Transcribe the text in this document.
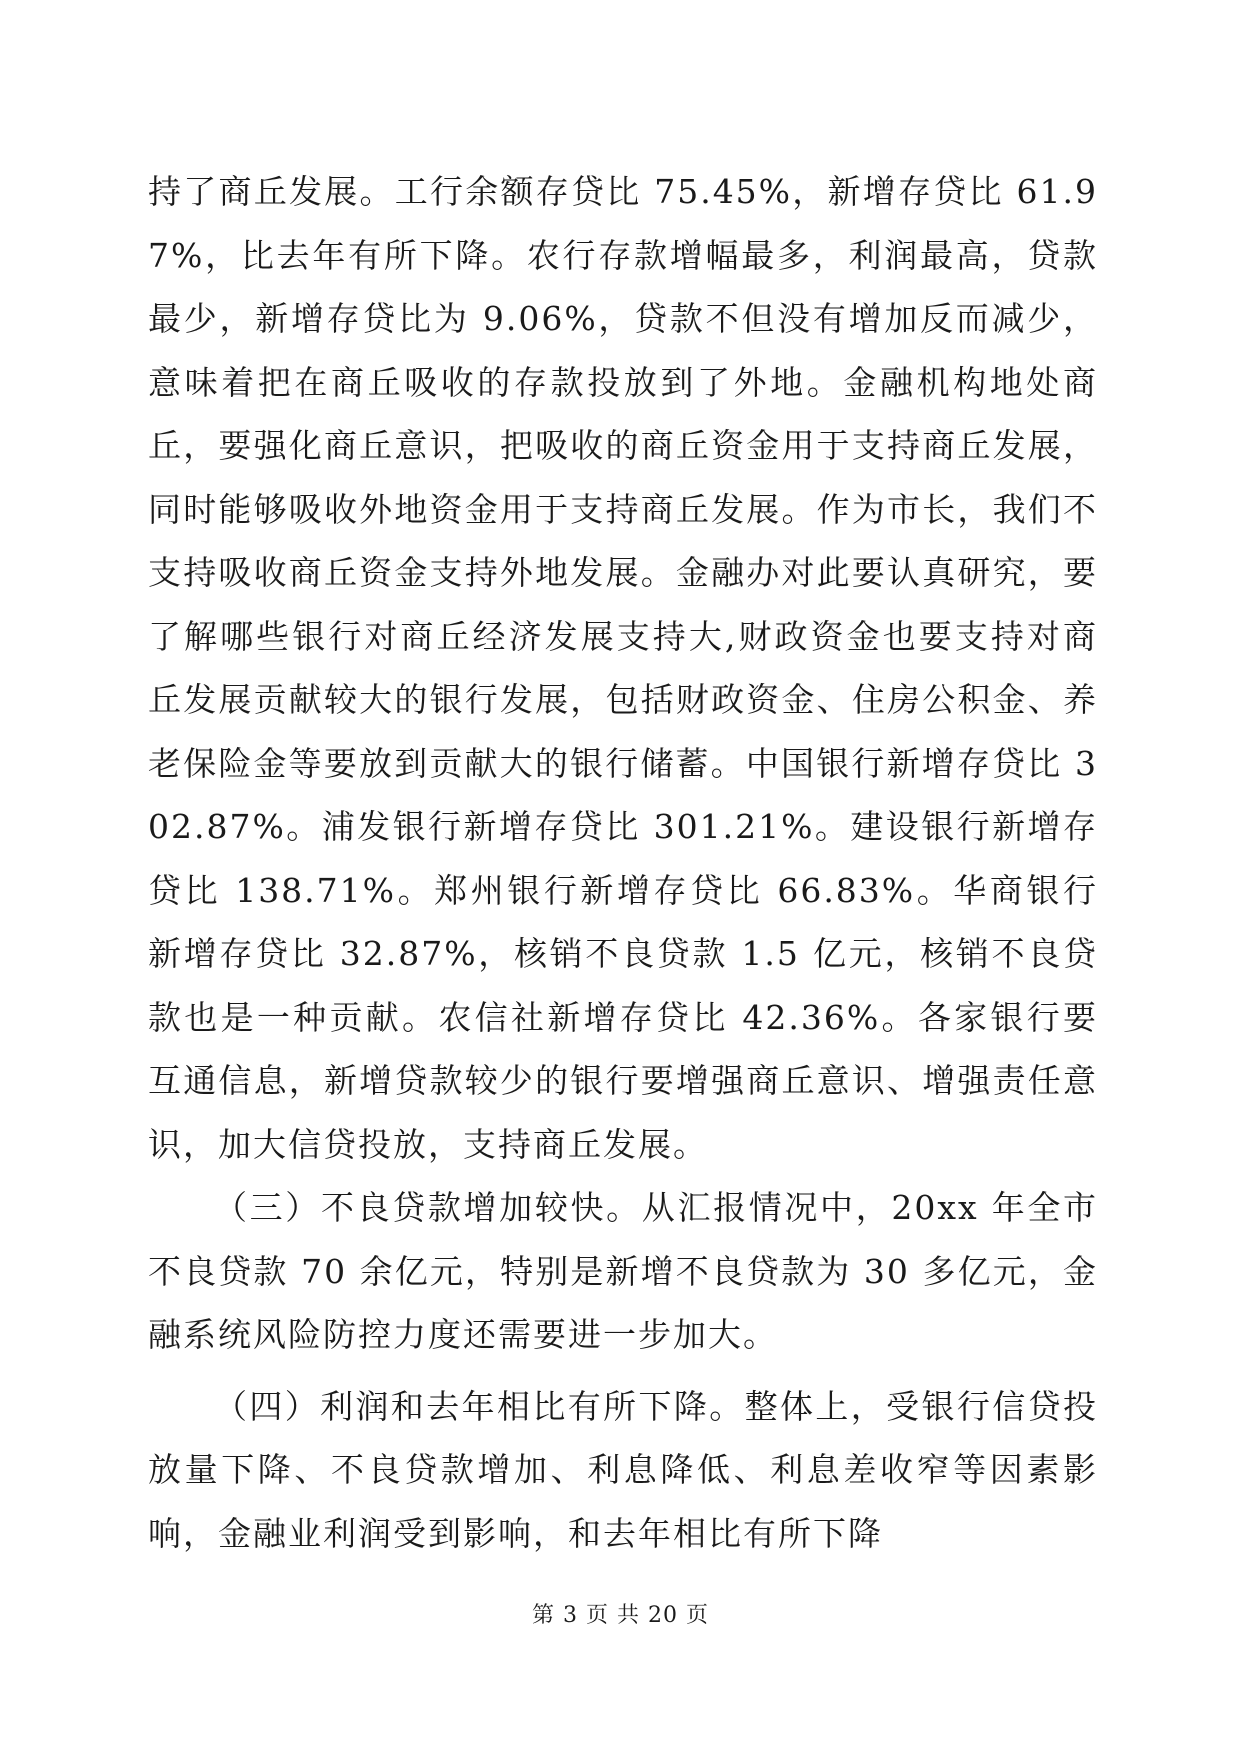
持了商丘发展。工行余额存贷比 75.45%，新增存贷比 61.97%，比去年有所下降。农行存款增幅最多，利润最高，贷款最少，新增存贷比为 9.06%，贷款不但没有增加反而减少，意味着把在商丘吸收的存款投放到了外地。金融机构地处商丘，要强化商丘意识，把吸收的商丘资金用于支持商丘发展，同时能够吸收外地资金用于支持商丘发展。作为市长，我们不支持吸收商丘资金支持外地发展。金融办对此要认真研究，要了解哪些银行对商丘经济发展支持大,财政资金也要支持对商丘发展贡献较大的银行发展，包括财政资金、住房公积金、养老保险金等要放到贡献大的银行储蓄。中国银行新增存贷比 302.87%。浦发银行新增存贷比 301.21%。建设银行新增存贷比 138.71%。郑州银行新增存贷比 66.83%。华商银行新增存贷比 32.87%，核销不良贷款 1.5 亿元，核销不良贷款也是一种贡献。农信社新增存贷比 42.36%。各家银行要互通信息，新增贷款较少的银行要增强商丘意识、增强责任意识，加大信贷投放，支持商丘发展。

（三）不良贷款增加较快。从汇报情况中，20xx 年全市不良贷款 70 余亿元，特别是新增不良贷款为 30 多亿元，金融系统风险防控力度还需要进一步加大。

（四）利润和去年相比有所下降。整体上，受银行信贷投放量下降、不良贷款增加、利息降低、利息差收窄等因素影响，金融业利润受到影响，和去年相比有所下降

第 3 页 共 20 页
